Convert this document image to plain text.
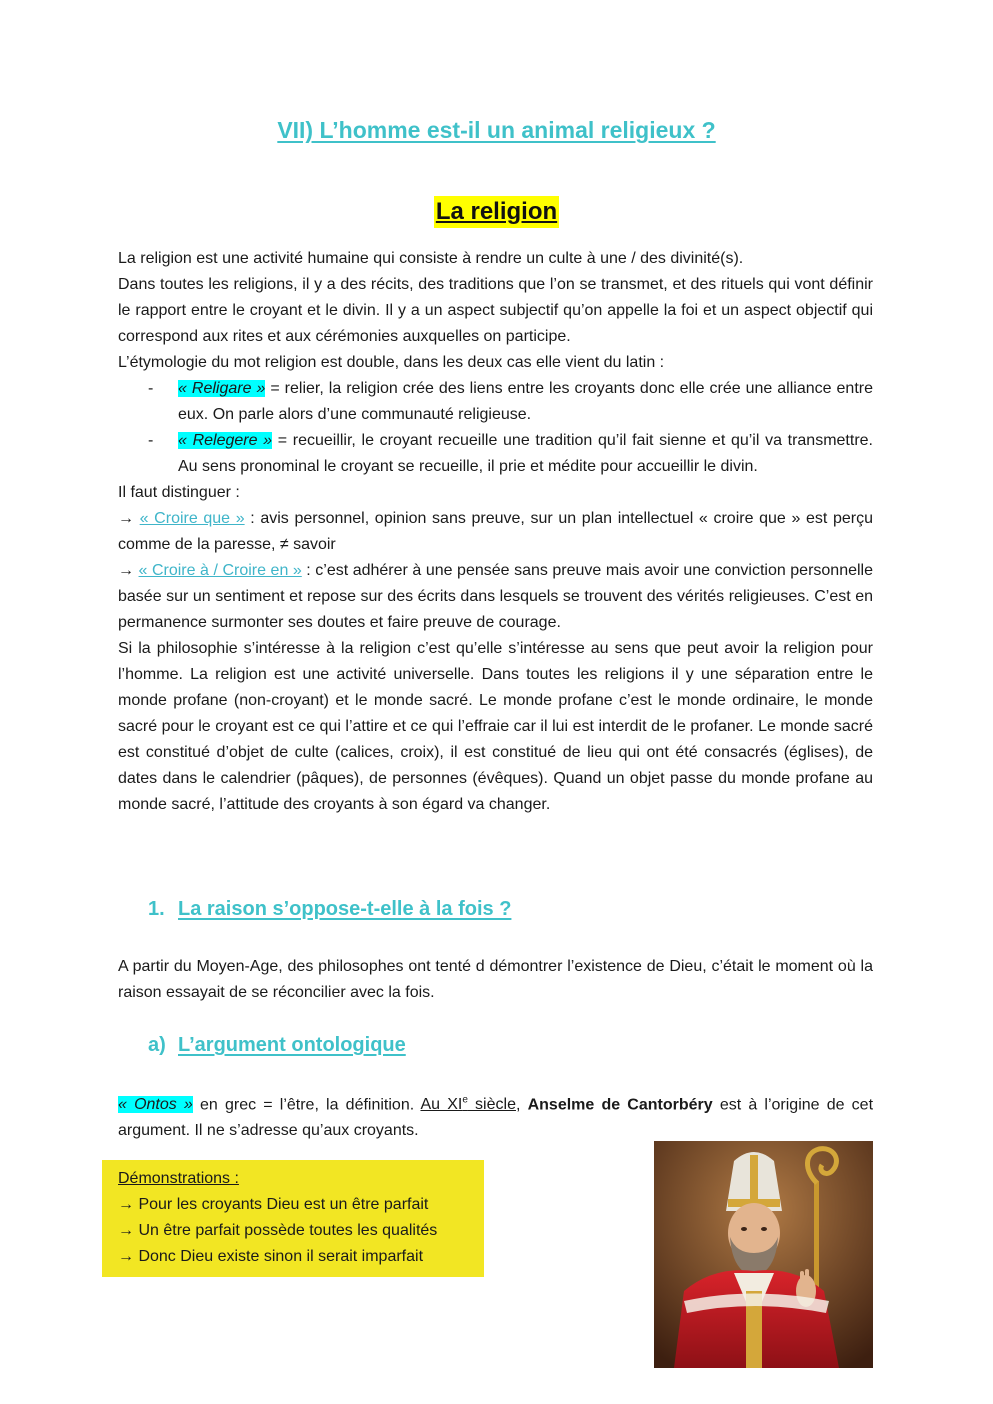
VII) L’homme est-il un animal religieux ?
La religion

La religion est une activité humaine qui consiste à rendre un culte à une / des divinité(s).

Dans toutes les religions, il y a des récits, des traditions que l’on se transmet, et des rituels qui vont définir le rapport entre le croyant et le divin. Il y a un aspect subjectif qu’on appelle la foi et un aspect objectif qui correspond aux rites et aux cérémonies auxquelles on participe.

L’étymologie du mot religion est double, dans les deux cas elle vient du latin :

- « Religare » = relier, la religion crée des liens entre les croyants donc elle crée une alliance entre eux. On parle alors d’une communauté religieuse.
- « Relegere » = recueillir, le croyant recueille une tradition qu’il fait sienne et qu’il va transmettre. Au sens pronominal le croyant se recueille, il prie et médite pour accueillir le divin.

Il faut distinguer :

→ « Croire que » : avis personnel, opinion sans preuve, sur un plan intellectuel « croire que » est perçu comme de la paresse, ≠ savoir

→ « Croire à / Croire en » : c’est adhérer à une pensée sans preuve mais avoir une conviction personnelle basée sur un sentiment et repose sur des écrits dans lesquels se trouvent des vérités religieuses. C’est en permanence surmonter ses doutes et faire preuve de courage.

Si la philosophie s’intéresse à la religion c’est qu’elle s’intéresse au sens que peut avoir la religion pour l’homme. La religion est une activité universelle. Dans toutes les religions il y une séparation entre le monde profane (non-croyant) et le monde sacré. Le monde profane c’est le monde ordinaire, le monde sacré pour le croyant est ce qui l’attire et ce qui l’effraie car il lui est interdit de le profaner. Le monde sacré est constitué d’objet de culte (calices, croix), il est constitué de lieu qui ont été consacrés (églises), de dates dans le calendrier (pâques), de personnes (évêques). Quand un objet passe du monde profane au monde sacré, l’attitude des croyants à son égard va changer.

1. La raison s’oppose-t-elle à la fois ?

A partir du Moyen-Age, des philosophes ont tenté d démontrer l’existence de Dieu, c’était le moment où la raison essayait de se réconcilier avec la fois.

a) L’argument ontologique

« Ontos » en grec = l’être, la définition. Au XIe siècle, Anselme de Cantorbéry est à l’origine de cet argument. Il ne s’adresse qu’aux croyants.

Démonstrations :
→ Pour les croyants Dieu est un être parfait
→ Un être parfait possède toutes les qualités
→ Donc Dieu existe sinon il serait imparfait
